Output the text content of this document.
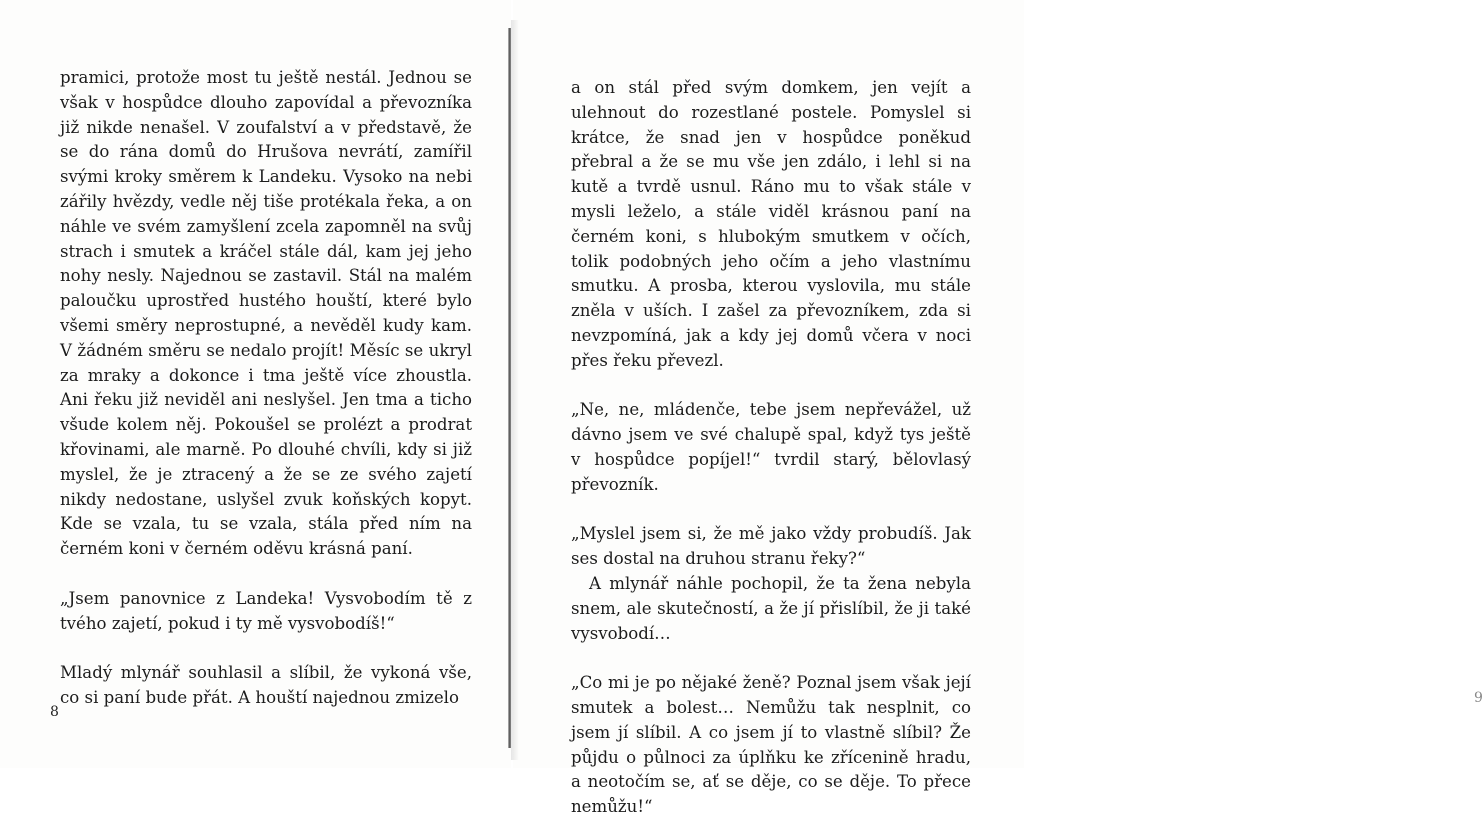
pramici, protože most tu ještě nestál. Jednou se však v hospůdce dlouho zapovídal a převozníka již nikde nenašel. V zoufalství a v představě, že se do rána domů do Hrušova nevrátí, zamířil svými kroky směrem k Landeku. Vysoko na nebi zářily hvězdy, vedle něj tiše protékala řeka, a on náhle ve svém zamyšlení zcela zapomněl na svůj strach i smutek a kráčel stále dál, kam jej jeho nohy nesly. Najednou se zastavil. Stál na malém paloučku uprostřed hustého houští, které bylo všemi směry neprostupné, a nevěděl kudy kam. V žádném směru se nedalo projít! Měsíc se ukryl za mraky a dokonce i tma ještě více zhoustla. Ani řeku již neviděl ani neslyšel. Jen tma a ticho všude kolem něj. Pokoušel se prolézt a prodrat křovinami, ale marně. Po dlouhé chvíli, kdy si již myslel, že je ztracený a že se ze svého zajetí nikdy nedostane, uslyšel zvuk koňských kopyt. Kde se vzala, tu se vzala, stála před ním na černém koni v černém oděvu krásná paní.

„Jsem panovnice z Landeka! Vysvobodím tě z tvého zajetí, pokud i ty mě vysvobodíš!“

Mladý mlynář souhlasil a slíbil, že vykoná vše, co si paní bude přát. A houští najednou zmizelo

8
9

a on stál před svým domkem, jen vejít a ulehnout do rozestlané postele. Pomyslel si krátce, že snad jen v hospůdce poněkud přebral a že se mu vše jen zdálo, i lehl si na kutě a tvrdě usnul. Ráno mu to však stále v mysli leželo, a stále viděl krásnou paní na černém koni, s hlubokým smutkem v očích, tolik podobných jeho očím a jeho vlastnímu smutku. A prosba, kterou vyslovila, mu stále zněla v uších. I zašel za převozníkem, zda si nevzpomíná, jak a kdy jej domů včera v noci přes řeku převezl.

„Ne, ne, mládenče, tebe jsem nepřevážel, už dávno jsem ve své chalupě spal, když tys ještě v hospůdce popíjel!“ tvrdil starý, bělovlasý převozník.

„Myslel jsem si, že mě jako vždy probudíš. Jak ses dostal na druhou stranu řeky?“

A mlynář náhle pochopil, že ta žena nebyla snem, ale skutečností, a že jí přislíbil, že ji také vysvobodí…

„Co mi je po nějaké ženě? Poznal jsem však její smutek a bolest… Nemůžu tak nesplnit, co jsem jí slíbil. A co jsem jí to vlastně slíbil? Že půjdu o půlnoci za úplňku ke zřícenině hradu, a neotočím se, ať se děje, co se děje. To přece nemůžu!“
